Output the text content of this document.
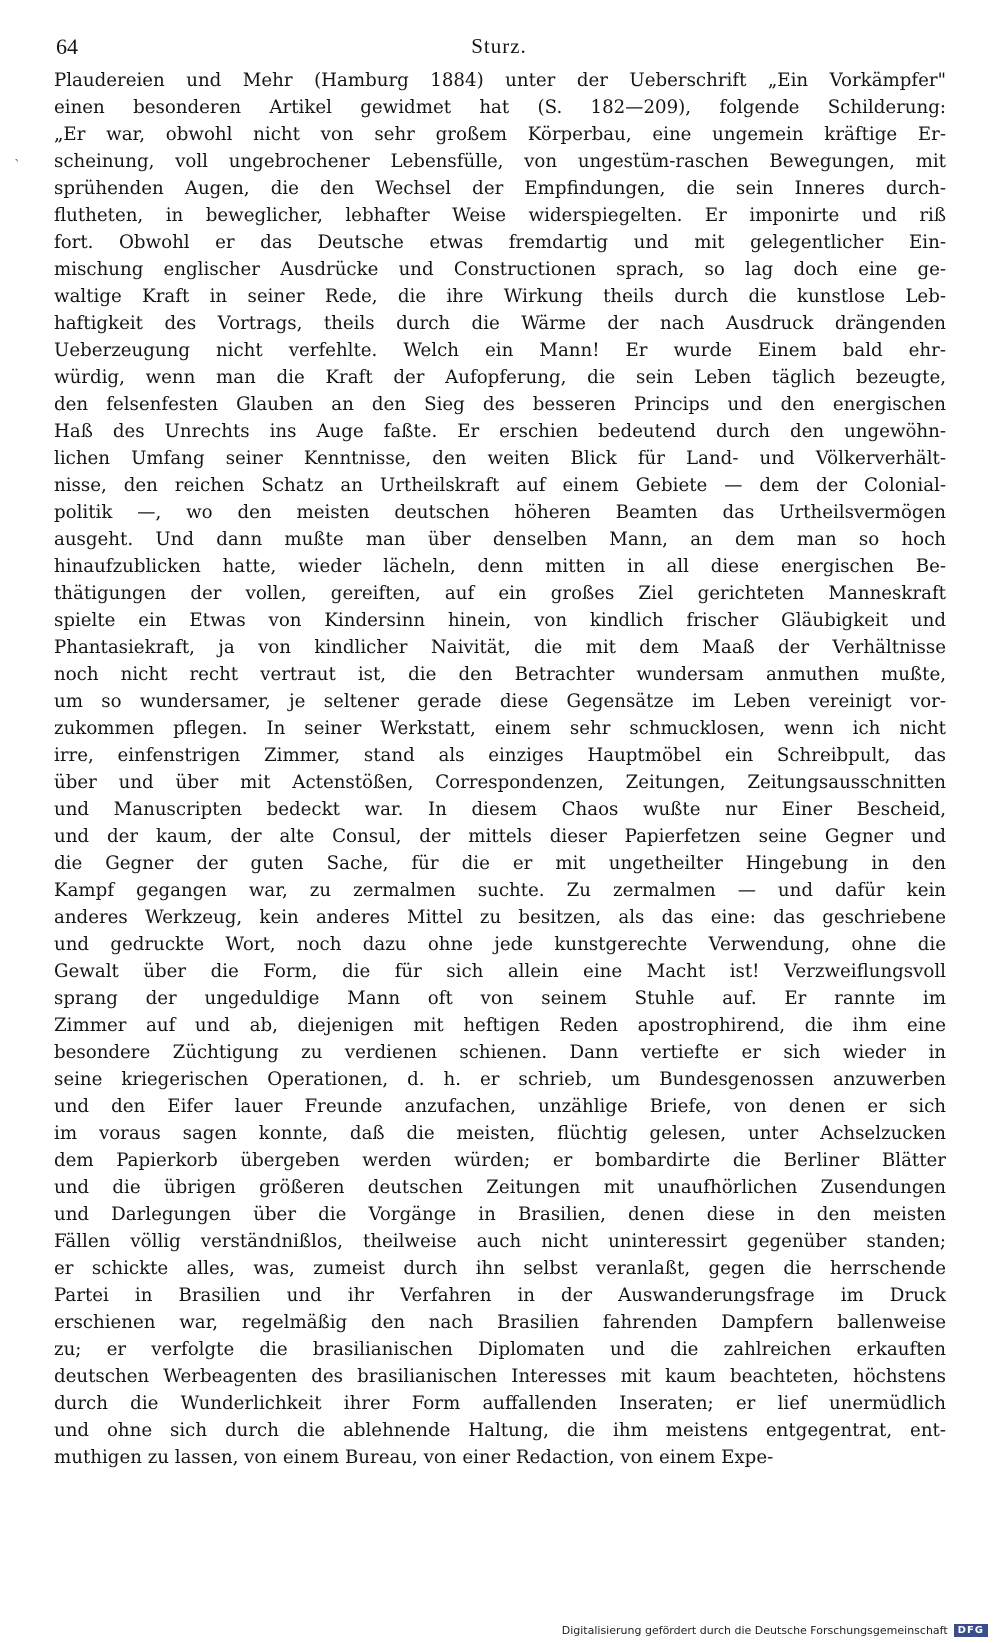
64	Sturz.
`
Plaudereien und Mehr (Hamburg 1884) unter der Ueberschrift „Ein Vorkämpfer"
einen besonderen Artikel gewidmet hat (S. 182—209), folgende Schilderung:
„Er war, obwohl nicht von sehr großem Körperbau, eine ungemein kräftige Er-
scheinung, voll ungebrochener Lebensfülle, von ungestüm-raschen Bewegungen, mit
sprühenden Augen, die den Wechsel der Empfindungen, die sein Inneres durch-
flutheten, in beweglicher, lebhafter Weise widerspiegelten. Er imponirte und riß
fort. Obwohl er das Deutsche etwas fremdartig und mit gelegentlicher Ein-
mischung englischer Ausdrücke und Constructionen sprach, so lag doch eine ge-
waltige Kraft in seiner Rede, die ihre Wirkung theils durch die kunstlose Leb-
haftigkeit des Vortrags, theils durch die Wärme der nach Ausdruck drängenden
Ueberzeugung nicht verfehlte. Welch ein Mann! Er wurde Einem bald ehr-
würdig, wenn man die Kraft der Aufopferung, die sein Leben täglich bezeugte,
den felsenfesten Glauben an den Sieg des besseren Princips und den energischen
Haß des Unrechts ins Auge faßte. Er erschien bedeutend durch den ungewöhn-
lichen Umfang seiner Kenntnisse, den weiten Blick für Land- und Völkerverhält-
nisse, den reichen Schatz an Urtheilskraft auf einem Gebiete — dem der Colonial-
politik —, wo den meisten deutschen höheren Beamten das Urtheilsvermögen
ausgeht. Und dann mußte man über denselben Mann, an dem man so hoch
hinaufzublicken hatte, wieder lächeln, denn mitten in all diese energischen Be-
thätigungen der vollen, gereiften, auf ein großes Ziel gerichteten Manneskraft
spielte ein Etwas von Kindersinn hinein, von kindlich frischer Gläubigkeit und
Phantasiekraft, ja von kindlicher Naivität, die mit dem Maaß der Verhältnisse
noch nicht recht vertraut ist, die den Betrachter wundersam anmuthen mußte,
um so wundersamer, je seltener gerade diese Gegensätze im Leben vereinigt vor-
zukommen pflegen. In seiner Werkstatt, einem sehr schmucklosen, wenn ich nicht
irre, einfenstrigen Zimmer, stand als einziges Hauptmöbel ein Schreibpult, das
über und über mit Actenstößen, Correspondenzen, Zeitungen, Zeitungsausschnitten
und Manuscripten bedeckt war. In diesem Chaos wußte nur Einer Bescheid,
und der kaum, der alte Consul, der mittels dieser Papierfetzen seine Gegner und
die Gegner der guten Sache, für die er mit ungetheilter Hingebung in den
Kampf gegangen war, zu zermalmen suchte. Zu zermalmen — und dafür kein
anderes Werkzeug, kein anderes Mittel zu besitzen, als das eine: das geschriebene
und gedruckte Wort, noch dazu ohne jede kunstgerechte Verwendung, ohne die
Gewalt über die Form, die für sich allein eine Macht ist! Verzweiflungsvoll
sprang der ungeduldige Mann oft von seinem Stuhle auf. Er rannte im
Zimmer auf und ab, diejenigen mit heftigen Reden apostrophirend, die ihm eine
besondere Züchtigung zu verdienen schienen. Dann vertiefte er sich wieder in
seine kriegerischen Operationen, d. h. er schrieb, um Bundesgenossen anzuwerben
und den Eifer lauer Freunde anzufachen, unzählige Briefe, von denen er sich
im voraus sagen konnte, daß die meisten, flüchtig gelesen, unter Achselzucken
dem Papierkorb übergeben werden würden; er bombardirte die Berliner Blätter
und die übrigen größeren deutschen Zeitungen mit unaufhörlichen Zusendungen
und Darlegungen über die Vorgänge in Brasilien, denen diese in den meisten
Fällen völlig verständnißlos, theilweise auch nicht uninteressirt gegenüber standen;
er schickte alles, was, zumeist durch ihn selbst veranlaßt, gegen die herrschende
Partei in Brasilien und ihr Verfahren in der Auswanderungsfrage im Druck
erschienen war, regelmäßig den nach Brasilien fahrenden Dampfern ballenweise
zu; er verfolgte die brasilianischen Diplomaten und die zahlreichen erkauften
deutschen Werbeagenten des brasilianischen Interesses mit kaum beachteten, höchstens
durch die Wunderlichkeit ihrer Form auffallenden Inseraten; er lief unermüdlich
und ohne sich durch die ablehnende Haltung, die ihm meistens entgegentrat, ent-
muthigen zu lassen, von einem Bureau, von einer Redaction, von einem Expe-
Digitalisierung gefördert durch die Deutsche Forschungsgemeinschaft	DFG
